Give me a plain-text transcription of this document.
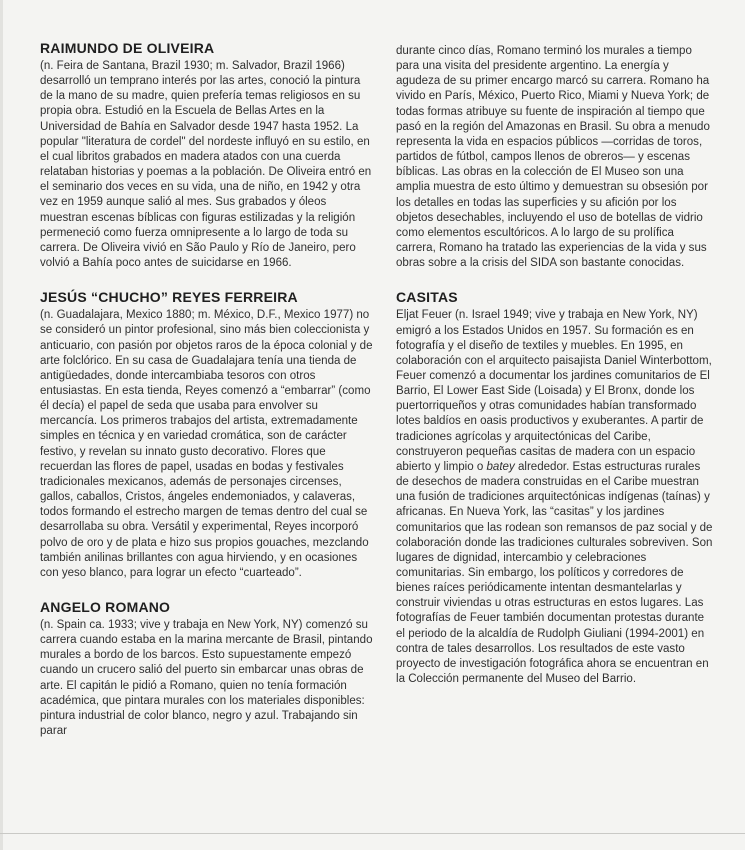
RAIMUNDO DE OLIVEIRA

(n. Feira de Santana, Brazil 1930; m. Salvador, Brazil 1966) desarrolló un temprano interés por las artes, conoció la pintura de la mano de su madre, quien prefería temas religiosos en su propia obra. Estudió en la Escuela de Bellas Artes en la Universidad de Bahía en Salvador desde 1947 hasta 1952. La popular "literatura de cordel" del nordeste influyó en su estilo, en el cual libritos grabados en madera atados con una cuerda relataban historias y poemas a la población. De Oliveira entró en el seminario dos veces en su vida, una de niño, en 1942 y otra vez en 1959 aunque salió al mes. Sus grabados y óleos muestran escenas bíblicas con figuras estilizadas y la religión permeneció como fuerza omnipresente a lo largo de toda su carrera. De Oliveira vivió en São Paulo y Río de Janeiro, pero volvió a Bahía poco antes de suicidarse en 1966.

JESÚS “CHUCHO” REYES FERREIRA

(n. Guadalajara, Mexico 1880; m. México, D.F., Mexico 1977) no se consideró un pintor profesional, sino más bien coleccionista y anticuario, con pasión por objetos raros de la época colonial y de arte folclórico. En su casa de Guadalajara tenía una tienda de antigüedades, donde intercambiaba tesoros con otros entusiastas. En esta tienda, Reyes comenzó a “embarrar” (como él decía) el papel de seda que usaba para envolver su mercancía. Los primeros trabajos del artista, extremadamente simples en técnica y en variedad cromática, son de carácter festivo, y revelan su innato gusto decorativo. Flores que recuerdan las flores de papel, usadas en bodas y festivales tradicionales mexicanos, además de personajes circenses, gallos, caballos, Cristos, ángeles endemoniados, y calaveras, todos formando el estrecho margen de temas dentro del cual se desarrollaba su obra. Versátil y experimental, Reyes incorporó polvo de oro y de plata e hizo sus propios gouaches, mezclando también anilinas brillantes con agua hirviendo, y en ocasiones con yeso blanco, para lograr un efecto “cuarteado”.

ANGELO ROMANO

(n. Spain ca. 1933; vive y trabaja en New York, NY) comenzó su carrera cuando estaba en la marina mercante de Brasil, pintando murales a bordo de los barcos. Esto supuestamente empezó cuando un crucero salió del puerto sin embarcar unas obras de arte. El capitán le pidió a Romano, quien no tenía formación académica, que pintara murales con los materiales disponibles: pintura industrial de color blanco, negro y azul. Trabajando sin parar

durante cinco días, Romano terminó los murales a tiempo para una visita del presidente argentino. La energía y agudeza de su primer encargo marcó su carrera. Romano ha vivido en París, México, Puerto Rico, Miami y Nueva York; de todas formas atribuye su fuente de inspiración al tiempo que pasó en la región del Amazonas en Brasil. Su obra a menudo representa la vida en espacios públicos —corridas de toros, partidos de fútbol, campos llenos de obreros— y escenas bíblicas. Las obras en la colección de El Museo son una amplia muestra de esto último y demuestran su obsesión por los detalles en todas las superficies y su afición por los objetos desechables, incluyendo el uso de botellas de vidrio como elementos escultóricos. A lo largo de su prolífica carrera, Romano ha tratado las experiencias de la vida y sus obras sobre a la crisis del SIDA son bastante conocidas.

CASITAS

Eljat Feuer (n. Israel 1949; vive y trabaja en New York, NY) emigró a los Estados Unidos en 1957. Su formación es en fotografía y el diseño de textiles y muebles. En 1995, en colaboración con el arquitecto paisajista Daniel Winterbottom, Feuer comenzó a documentar los jardines comunitarios de El Barrio, El Lower East Side (Loisada) y El Bronx, donde los puertorriqueños y otras comunidades habían transformado lotes baldíos en oasis productivos y exuberantes. A partir de tradiciones agrícolas y arquitectónicas del Caribe, construyeron pequeñas casitas de madera con un espacio abierto y limpio o batey alrededor. Estas estructuras rurales de desechos de madera construidas en el Caribe muestran una fusión de tradiciones arquitectónicas indígenas (taínas) y africanas. En Nueva York, las “casitas” y los jardines comunitarios que las rodean son remansos de paz social y de colaboración donde las tradiciones culturales sobreviven. Son lugares de dignidad, intercambio y celebraciones comunitarias. Sin embargo, los políticos y corredores de bienes raíces periódicamente intentan desmantelarlas y construir viviendas u otras estructuras en estos lugares. Las fotografías de Feuer también documentan protestas durante el periodo de la alcaldía de Rudolph Giuliani (1994-2001) en contra de tales desarrollos. Los resultados de este vasto proyecto de investigación fotográfica ahora se encuentran en la Colección permanente del Museo del Barrio.
